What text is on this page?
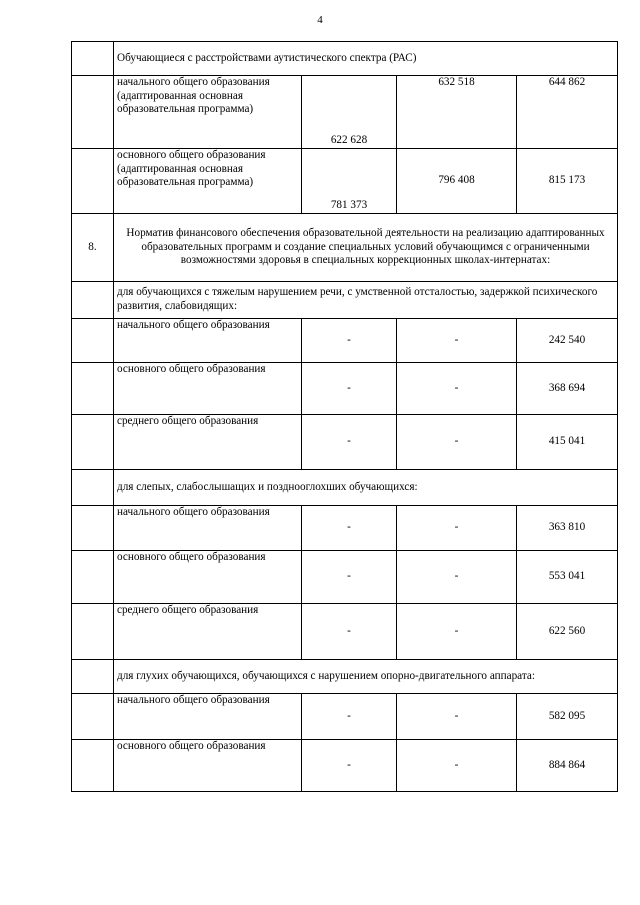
4
	Обучающиеся с расстройствами аутистического спектра (РАС)			
	начального общего образования (адаптированная основная образовательная программа)	622 628	632 518	644 862
	основного общего образования (адаптированная основная образовательная программа)	781 373	796 408	815 173
8.	Норматив финансового обеспечения образовательной деятельности на реализацию адаптированных образовательных программ и создание специальных условий обучающимся с ограниченными возможностями здоровья в специальных коррекционных школах-интернатах:			
	для обучающихся с тяжелым нарушением речи, с умственной отсталостью, задержкой психического развития, слабовидящих:			
	начального общего образования	-	-	242 540
	основного общего образования	-	-	368 694
	среднего общего образования	-	-	415 041
	для слепых, слабослышащих и позднооглохших обучающихся:			
	начального общего образования	-	-	363 810
	основного общего образования	-	-	553 041
	среднего общего образования	-	-	622 560
	для глухих обучающихся, обучающихся с нарушением опорно-двигательного аппарата:			
	начального общего образования	-	-	582 095
	основного общего образования	-	-	884 864
